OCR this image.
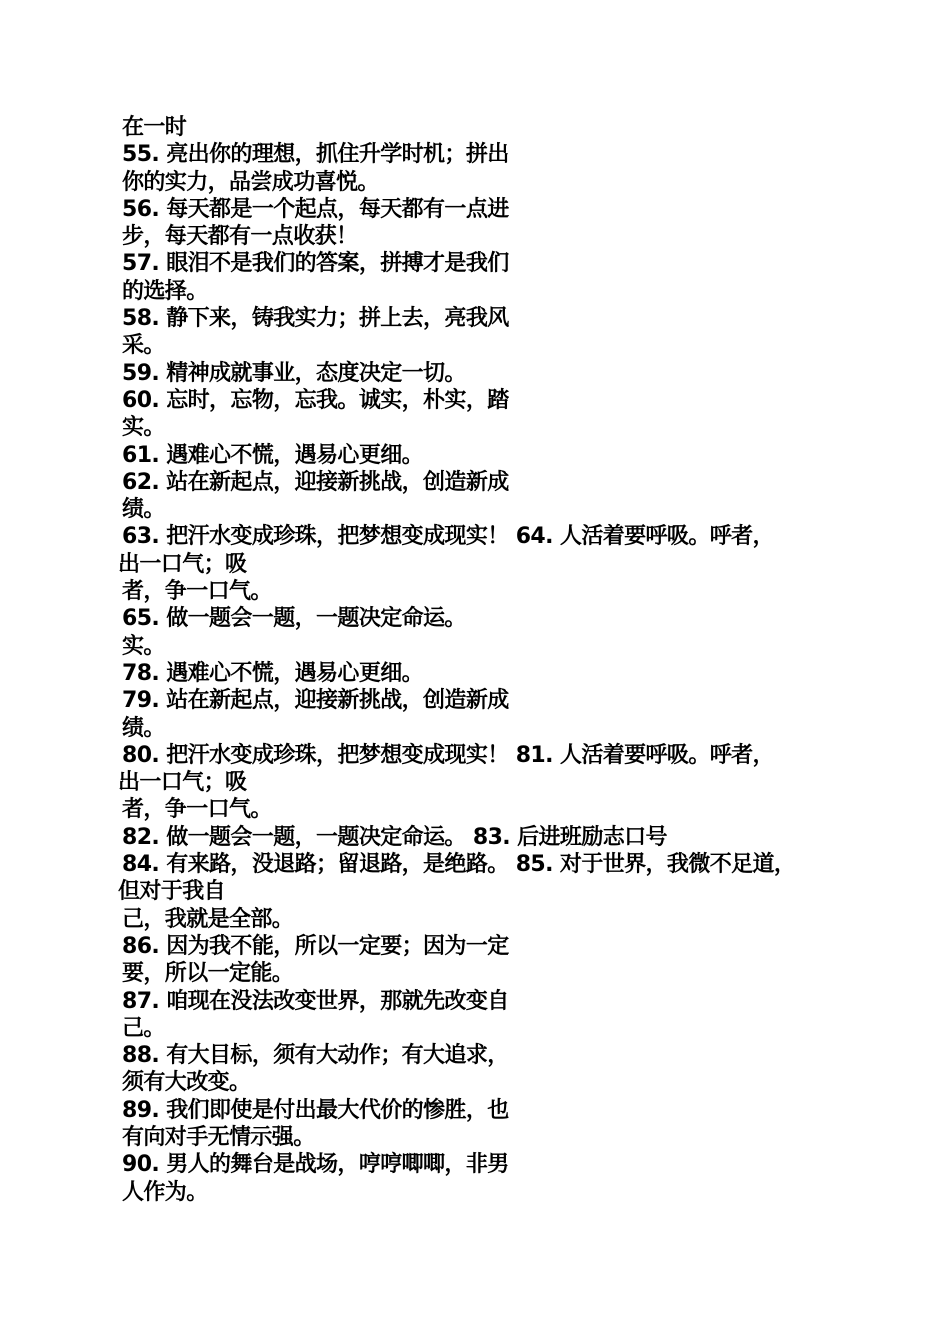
在一时
55. 亮出你的理想，抓住升学时机；拼出
你的实力，品尝成功喜悦。
56. 每天都是一个起点，每天都有一点进
步，每天都有一点收获！
57. 眼泪不是我们的答案，拼搏才是我们
的选择。
58. 静下来，铸我实力；拼上去，亮我风
采。
59. 精神成就事业，态度决定一切。
60. 忘时，忘物，忘我。诚实，朴实，踏
实。
61. 遇难心不慌，遇易心更细。
62. 站在新起点，迎接新挑战，创造新成
绩。
63. 把汗水变成珍珠，把梦想变成现实！ 64. 人活着要呼吸。呼者，
出一口气；吸
者，争一口气。
65. 做一题会一题，一题决定命运。
实。
78. 遇难心不慌，遇易心更细。
79. 站在新起点，迎接新挑战，创造新成
绩。
80. 把汗水变成珍珠，把梦想变成现实！ 81. 人活着要呼吸。呼者，
出一口气；吸
者，争一口气。
82. 做一题会一题，一题决定命运。 83. 后进班励志口号
84. 有来路，没退路；留退路，是绝路。 85. 对于世界，我微不足道，
但对于我自
己，我就是全部。
86. 因为我不能，所以一定要；因为一定
要，所以一定能。
87. 咱现在没法改变世界，那就先改变自
己。
88. 有大目标，须有大动作；有大追求，
须有大改变。
89. 我们即使是付出最大代价的惨胜，也
有向对手无情示强。
90. 男人的舞台是战场，哼哼唧唧，非男
人作为。
